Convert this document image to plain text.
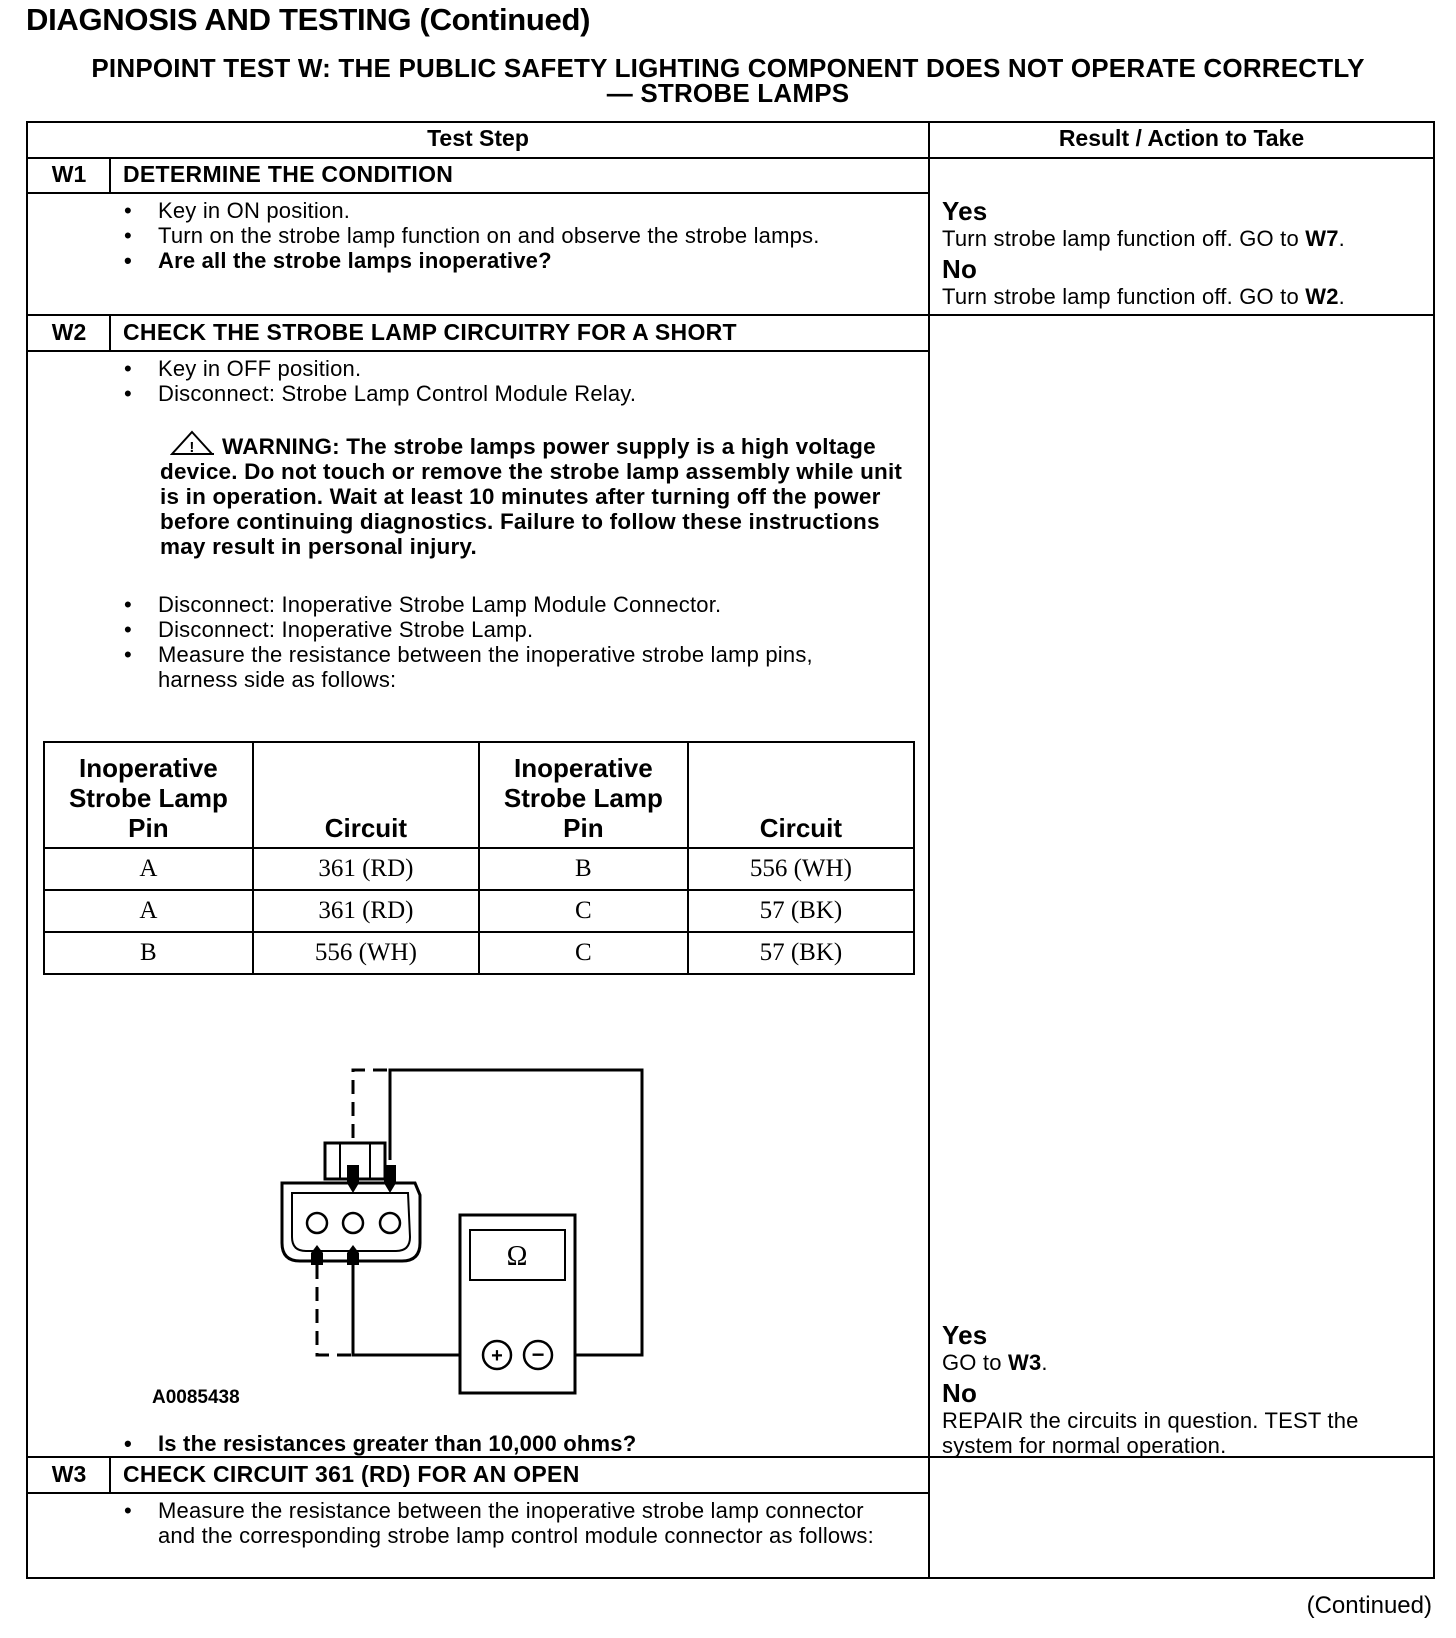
DIAGNOSIS AND TESTING (Continued)
PINPOINT TEST W: THE PUBLIC SAFETY LIGHTING COMPONENT DOES NOT OPERATE CORRECTLY
— STROBE LAMPS
Test Step	Result / Action to Take
W1	DETERMINE THE CONDITION
• Key in ON position.
• Turn on the strobe lamp function on and observe the strobe lamps.
• Are all the strobe lamps inoperative?
Yes
Turn strobe lamp function off. GO to W7.
No
Turn strobe lamp function off. GO to W2.
W2	CHECK THE STROBE LAMP CIRCUITRY FOR A SHORT
• Key in OFF position.
• Disconnect: Strobe Lamp Control Module Relay.
! WARNING: The strobe lamps power supply is a high voltage device. Do not touch or remove the strobe lamp assembly while unit is in operation. Wait at least 10 minutes after turning off the power before continuing diagnostics. Failure to follow these instructions may result in personal injury.
• Disconnect: Inoperative Strobe Lamp Module Connector.
• Disconnect: Inoperative Strobe Lamp.
• Measure the resistance between the inoperative strobe lamp pins, harness side as follows:
Inoperative Strobe Lamp Pin	Circuit	Inoperative Strobe Lamp Pin	Circuit
A	361 (RD)	B	556 (WH)
A	361 (RD)	C	57 (BK)
B	556 (WH)	C	57 (BK)
Ω
+ −
A0085438
• Is the resistances greater than 10,000 ohms?
Yes
GO to W3.
No
REPAIR the circuits in question. TEST the system for normal operation.
W3	CHECK CIRCUIT 361 (RD) FOR AN OPEN
• Measure the resistance between the inoperative strobe lamp connector and the corresponding strobe lamp control module connector as follows:
(Continued)
